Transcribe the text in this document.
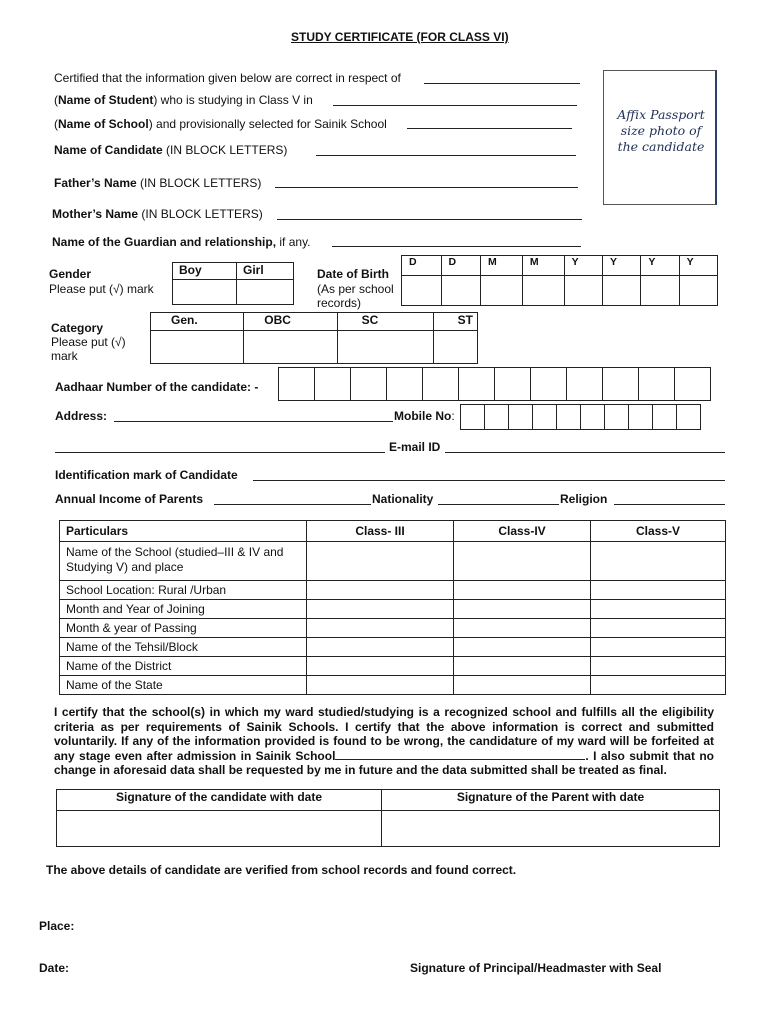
STUDY CERTIFICATE (FOR CLASS VI)
Affix Passport size photo of the candidate
Certified that the information given below are correct in respect of
(Name of Student) who is studying in Class V in
(Name of School) and provisionally selected for Sainik School
Name of Candidate (IN BLOCK LETTERS)
Father’s Name (IN BLOCK LETTERS)
Mother’s Name (IN BLOCK LETTERS)
Name of the Guardian and relationship, if any.
Gender
Please put (√) mark
Boy	Girl
		Date of Birth
(As per school
records)
D	D	M	M	Y	Y	Y	Y

Category
Please put (√)
mark
Gen.	OBC	SC	ST

Aadhaar Number of the candidate: -
Address:	Mobile No:
E-mail ID
Identification mark of Candidate
Annual Income of Parents	Nationality	Religion
Particulars	Class- III	Class-IV	Class-V
Name of the School (studied–III & IV and Studying V) and place			
School Location: Rural /Urban			
Month and Year of Joining			
Month & year of Passing			
Name of the Tehsil/Block			
Name of the District			
Name of the State			
I certify that the school(s) in which my ward studied/studying is a recognized school and fulfills all the eligibility criteria as per requirements of Sainik Schools. I certify that the above information is correct and submitted voluntarily. If any of the information provided is found to be wrong, the candidature of my ward will be forfeited at any stage even after admission in Sainik School	. I also submit that no change in aforesaid data shall be requested by me in future and the data submitted shall be treated as final.
Signature of the candidate with date	Signature of the Parent with date

The above details of candidate are verified from school records and found correct.
Place:
Date:	Signature of Principal/Headmaster with Seal
